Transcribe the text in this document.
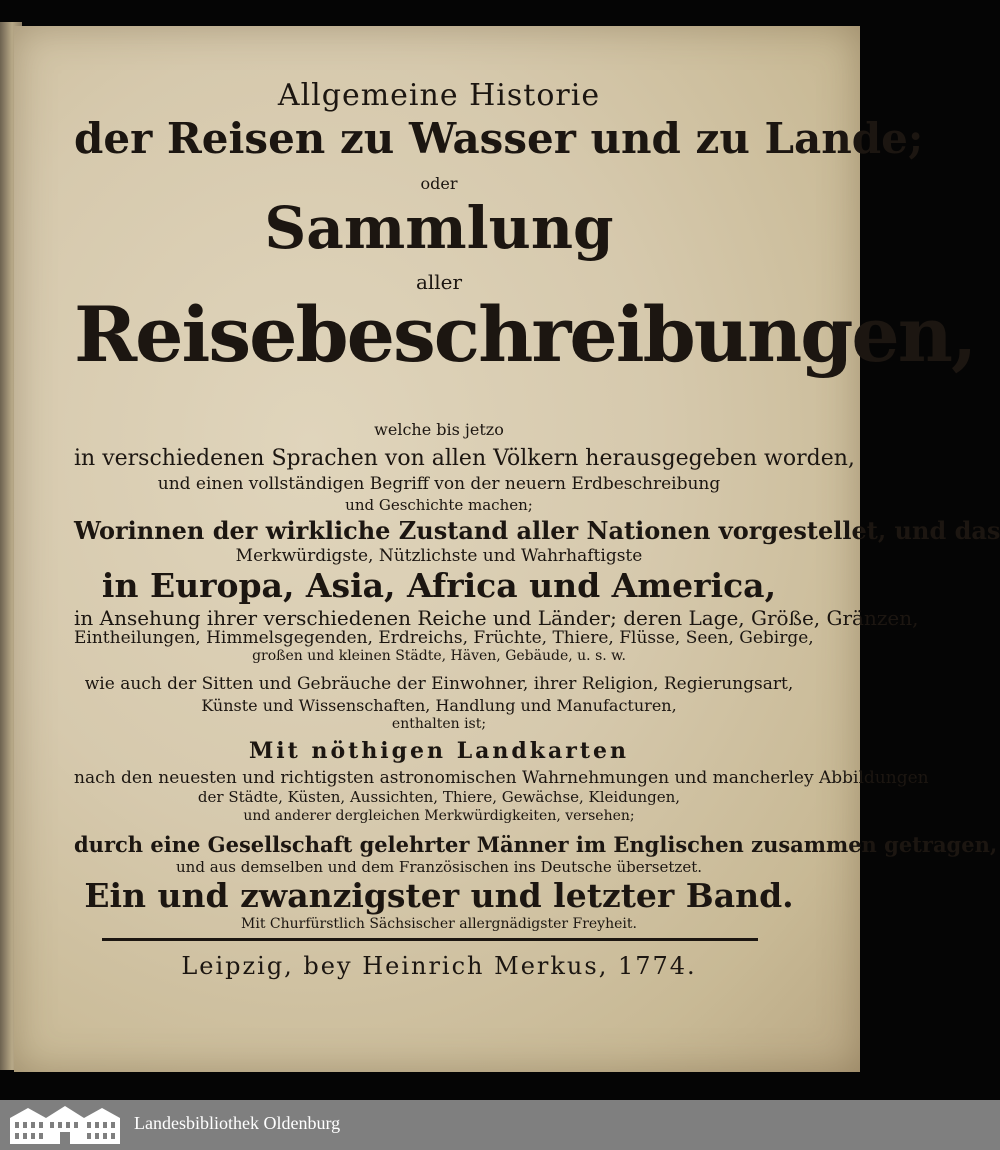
Allgemeine Historie
der Reisen zu Wasser und zu Lande;
oder
Sammlung
aller
Reisebeschreibungen,
welche bis jetzo
in verschiedenen Sprachen von allen Völkern herausgegeben worden,
und einen vollständigen Begriff von der neuern Erdbeschreibung
und Geschichte machen;
Worinnen der wirkliche Zustand aller Nationen vorgestellet, und das
Merkwürdigste, Nützlichste und Wahrhaftigste
in Europa, Asia, Africa und America,
in Ansehung ihrer verschiedenen Reiche und Länder; deren Lage, Größe, Gränzen,
Eintheilungen, Himmelsgegenden, Erdreichs, Früchte, Thiere, Flüsse, Seen, Gebirge,
großen und kleinen Städte, Häven, Gebäude, u. s. w.
wie auch der Sitten und Gebräuche der Einwohner, ihrer Religion, Regierungsart,
Künste und Wissenschaften, Handlung und Manufacturen,
enthalten ist;
Mit nöthigen Landkarten
nach den neuesten und richtigsten astronomischen Wahrnehmungen und mancherley Abbildungen
der Städte, Küsten, Aussichten, Thiere, Gewächse, Kleidungen,
und anderer dergleichen Merkwürdigkeiten, versehen;
durch eine Gesellschaft gelehrter Männer im Englischen zusammen getragen,
und aus demselben und dem Französischen ins Deutsche übersetzet.
Ein und zwanzigster und letzter Band.
Mit Churfürstlich Sächsischer allergnädigster Freyheit.
Leipzig, bey Heinrich Merkus, 1774.
Landesbibliothek Oldenburg
